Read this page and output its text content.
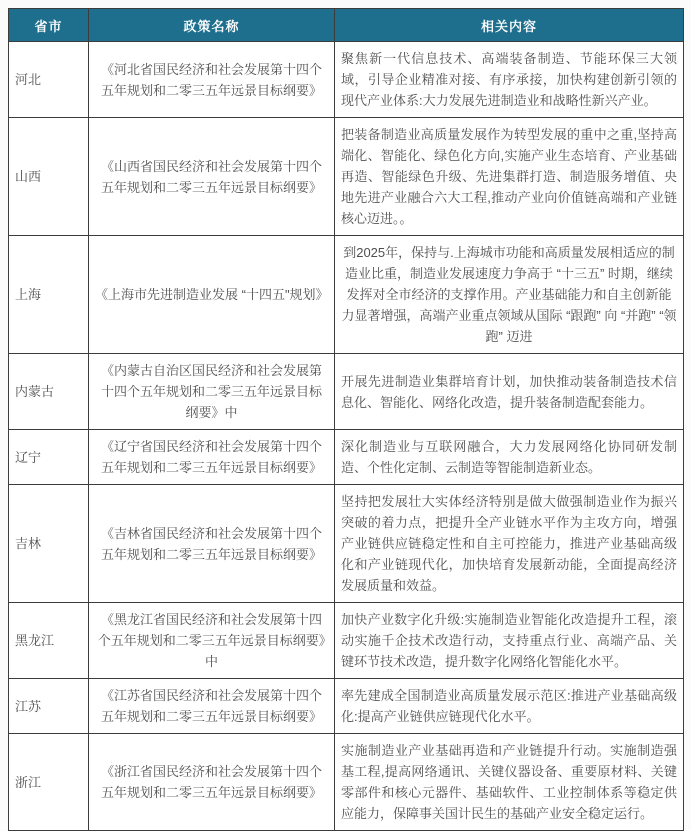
省市	政策名称	相关内容
河北	《河北省国民经济和社会发展第十四个五年规划和二零三五年远景目标纲要》	聚焦新一代信息技术、高端装备制造、节能环保三大领域，引导企业精准对接、有序承接，加快构建创新引领的现代产业体系:大力发展先进制造业和战略性新兴产业。
山西	《山西省国民经济和社会发展第十四个五年规划和二零三五年远景目标纲要》	把装备制造业高质量发展作为转型发展的重中之重,坚持高端化、智能化、绿色化方向,实施产业生态培育、产业基础再造、智能绿色升级、先进集群打造、制造服务增值、央地先进产业融合六大工程,推动产业向价值链高端和产业链核心迈进。。
上海	《上海市先进制造业发展 “十四五"规划》	到2025年，保持与.上海城市功能和高质量发展相适应的制造业比重，制造业发展速度力争高于 “十三五” 时期，继续发挥对全市经济的支撑作用。产业基础能力和自主创新能力显著增强，高端产业重点领域从国际 “跟跑” 向 “并跑” “领跑” 迈进
内蒙古	《内蒙古自治区国民经济和社会发展第十四个五年规划和二零三五年远景目标纲要》中	开展先进制造业集群培育计划，加快推动装备制造技术信息化、智能化、网络化改造，提升装备制造配套能力。
辽宁	《辽宁省国民经济和社会发展第十四个五年规划和二零三五年远景目标纲要》	深化制造业与互联网融合，大力发展网络化协同研发制造、个性化定制、云制造等智能制造新业态。
吉林	《吉林省国民经济和社会发展第十四个五年规划和二零三五年远景目标纲要》	坚持把发展壮大实体经济特别是做大做强制造业作为振兴突破的着力点，把提升全产业链水平作为主攻方向，增强产业链供应链稳定性和自主可控能力，推进产业基础高级化和产业链现代化，加快培育发展新动能，全面提高经济发展质量和效益。
黑龙江	《黑龙江省国民经济和社会发展第十四个五年规划和二零三五年远景目标纲要》中	加快产业数字化升级:实施制造业智能化改造提升工程，滚动实施千企技术改造行动，支持重点行业、高端产品、关键环节技术改造，提升数字化网络化智能化水平。
江苏	《江苏省国民经济和社会发展第十四个五年规划和二零三五年远景目标纲要》	率先建成全国制造业高质量发展示范区:推进产业基础高级化:提高产业链供应链现代化水平。
浙江	《浙江省国民经济和社会发展第十四个五年规划和二零三五年远景目标纲要》	实施制造业产业基础再造和产业链提升行动。实施制造强基工程,提高网络通讯、关键仪器设备、重要原材料、关键零部件和核心元器件、基础软件、工业控制体系等稳定供应能力，保障事关国计民生的基础产业安全稳定运行。
